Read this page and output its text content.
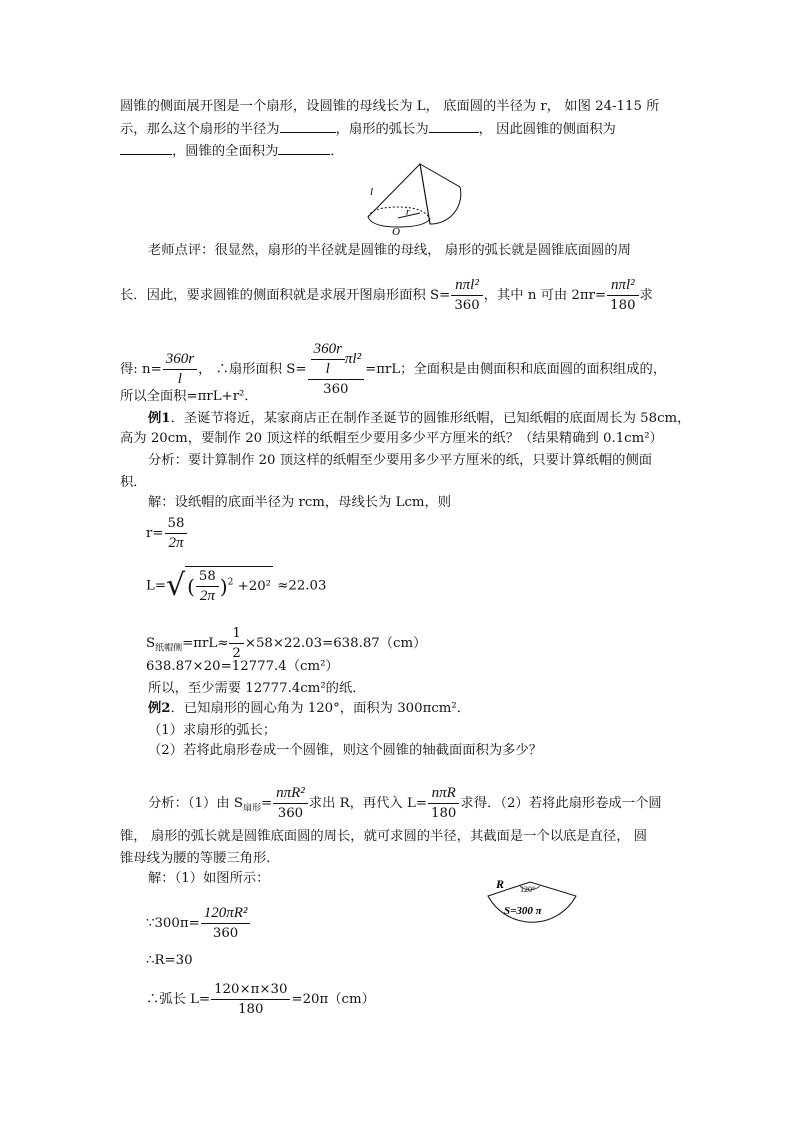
圆锥的侧面展开图是一个扇形，设圆锥的母线长为 L， 底面圆的半径为 r， 如图 24-115 所
示，那么这个扇形的半径为	，扇形的弧长为	， 因此圆锥的侧面积为
，圆锥的全面积为	．
l
r
O
老师点评：很显然，扇形的半径就是圆锥的母线， 扇形的弧长就是圆锥底面圆的周
长．因此，要求圆锥的侧面积就是求展开图扇形面积 $S= \frac{\text{nπl²}}{360}$ ，其中 n 可由 $2\pi r= \frac{\text{nπl²}}{180}$ 求
得: $n= \frac{360r}{l}$ ， ∴扇形面积 $S= \frac{\frac{360r}{l} \pi l^2}{360} =\pi rL$；全面积是由侧面积和底面圆的面积组成的，
所以全面积=πrL+r²．
例1．圣诞节将近，某家商店正在制作圣诞节的圆锥形纸帽，已知纸帽的底面周长为 58cm，
高为 20cm，要制作 20 顶这样的纸帽至少要用多少平方厘米的纸？（结果精确到 0.1cm²）
分析：要计算制作 20 顶这样的纸帽至少要用多少平方厘米的纸，只要计算纸帽的侧面
积．
解：设纸帽的底面半径为 rcm，母线长为 Lcm，则
$r= \frac{58}{2\pi}$
L=√ ( $\frac{58}{2\pi} )^2 +20^2 \approx 22.03$
$S_{纸帽侧}=\pi rL\approx \frac{1}{2} \times 58\times 22.03=638.87(cm)$
638.87×20=12777.4（cm²）
所以，至少需要 12777.4cm²的纸．
例2．已知扇形的圆心角为 120°，面积为 300πcm²．
（1）求扇形的弧长；
（2）若将此扇形卷成一个圆锥，则这个圆锥的轴截面面积为多少？
分析：（1）由 $S_{扇形}= \frac{\text{nπR²}}{360}$ 求出 R，再代入 $L= \frac{\text{nπR}}{180}$ 求得．（2）若将此扇形卷成一个圆
锥， 扇形的弧长就是圆锥底面圆的周长，就可求圆的半径，其截面是一个以底是直径， 圆
锥母线为腰的等腰三角形．
解：（1）如图所示：
∵300π= $\frac{\text{120πR²}}{360}$
∴R=30
∴弧长 $L= \frac{120\times\pi\times 30}{180} =20\pi(cm)$
R 120°
S=300 π
